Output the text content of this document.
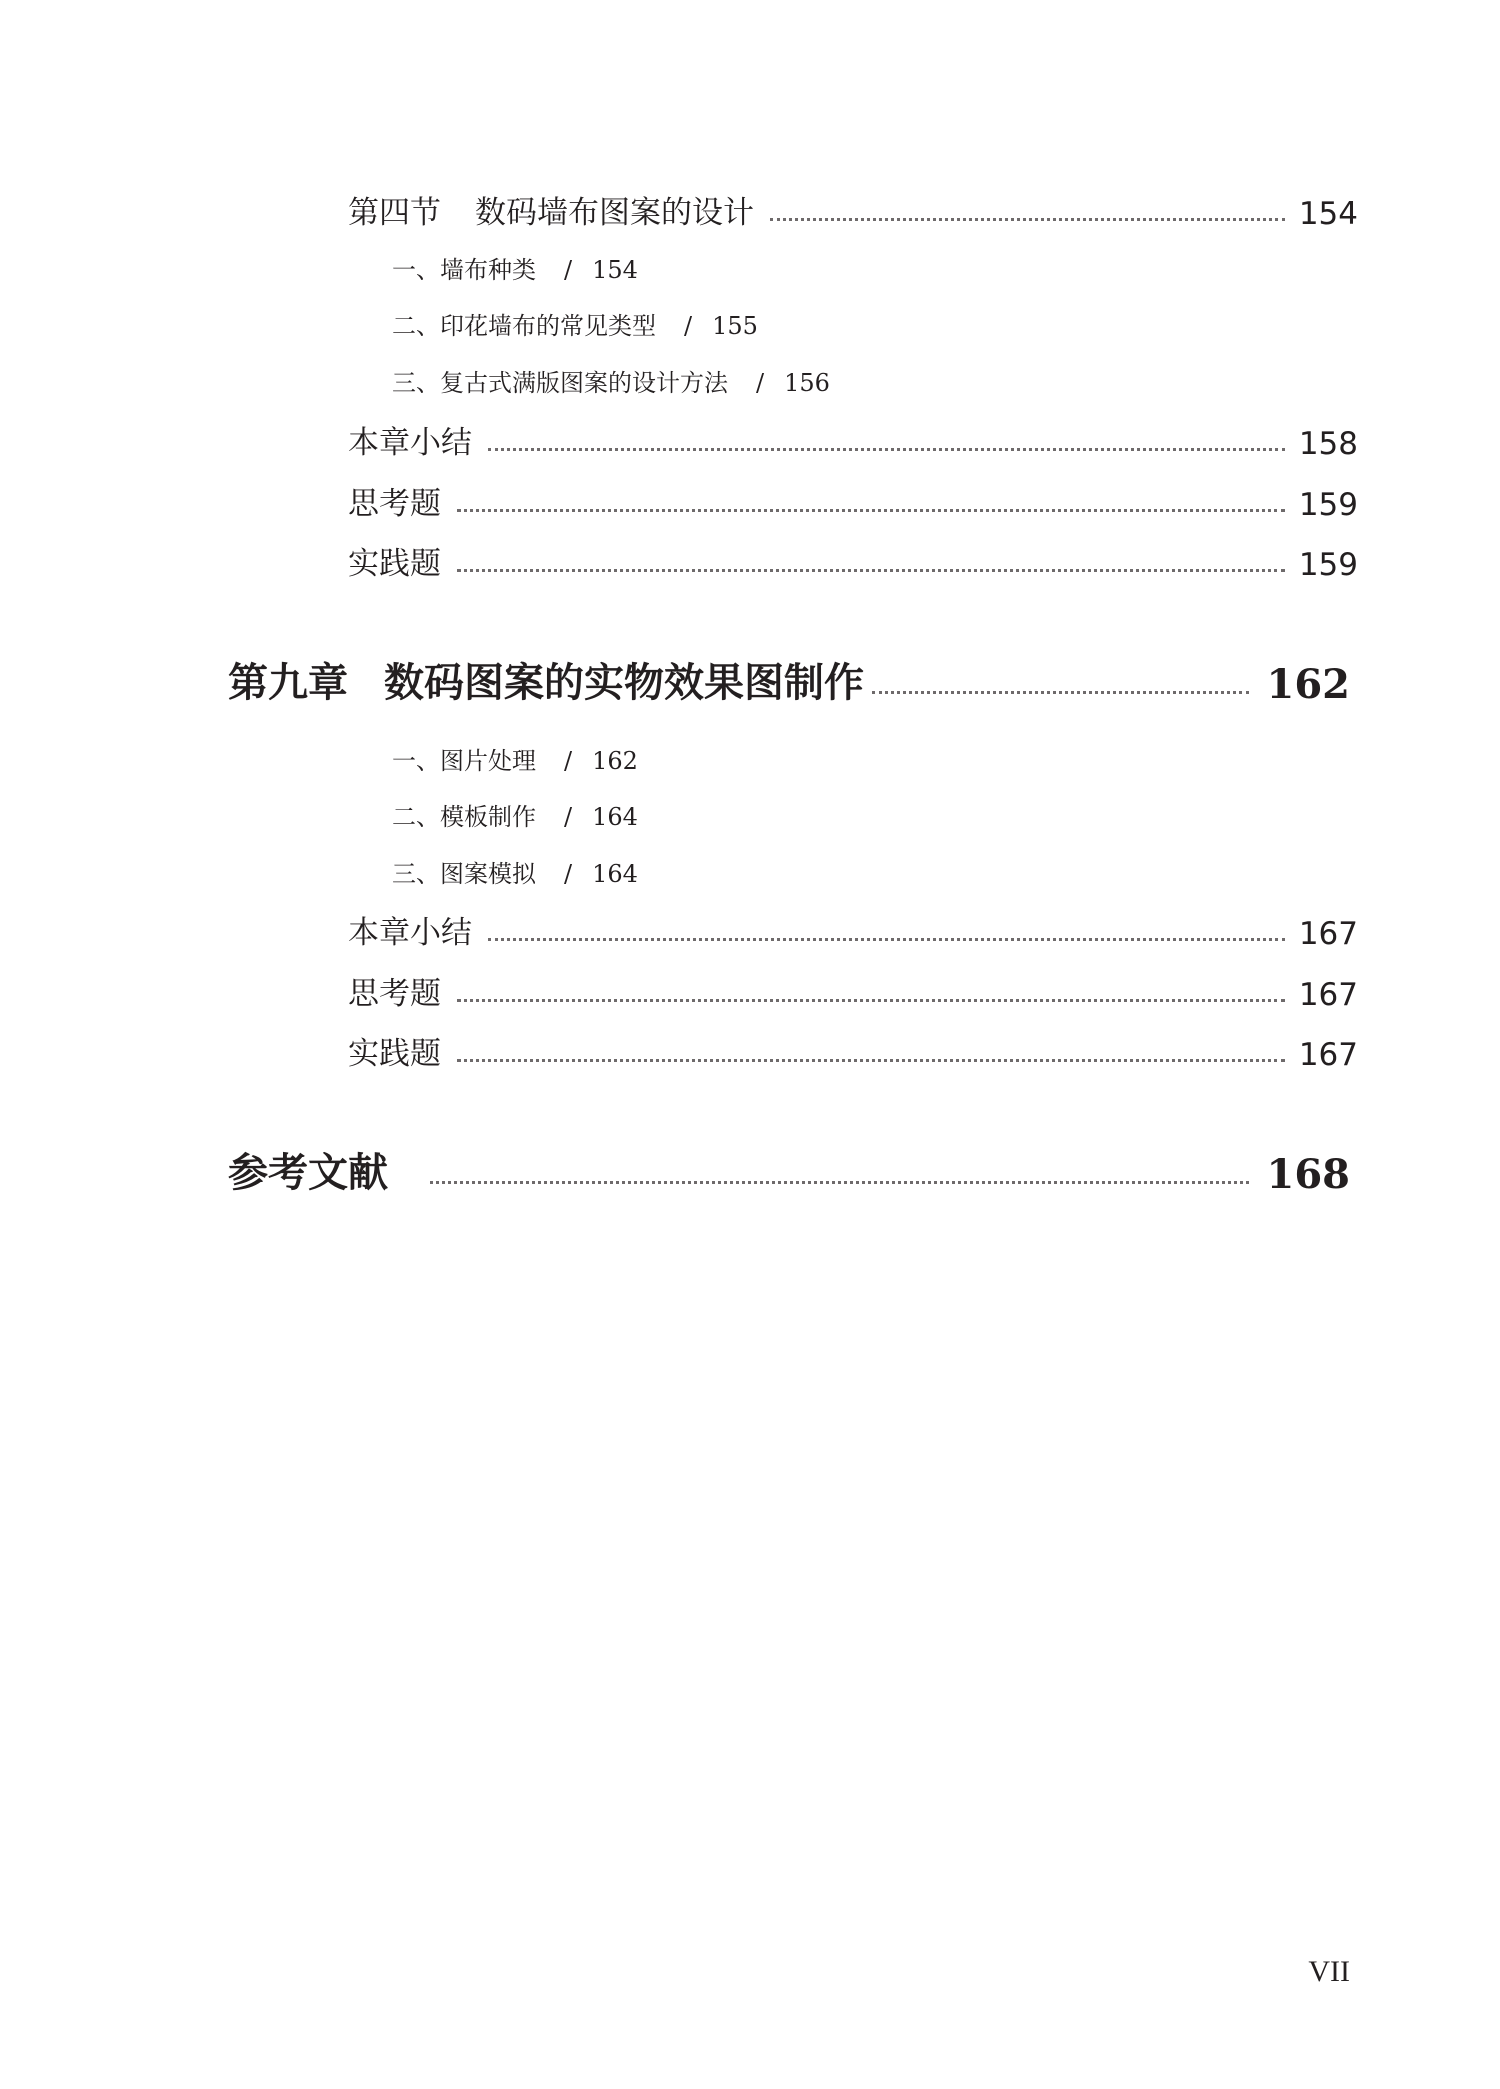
第四节 数码墙布图案的设计	154
一、墙布种类 / 154
二、印花墙布的常见类型 / 155
三、复古式满版图案的设计方法 / 156
本章小结	158
思考题	159
实践题	159
第九章 数码图案的实物效果图制作	162
一、图片处理 / 162
二、模板制作 / 164
三、图案模拟 / 164
本章小结	167
思考题	167
实践题	167
参考文献	168
VII
